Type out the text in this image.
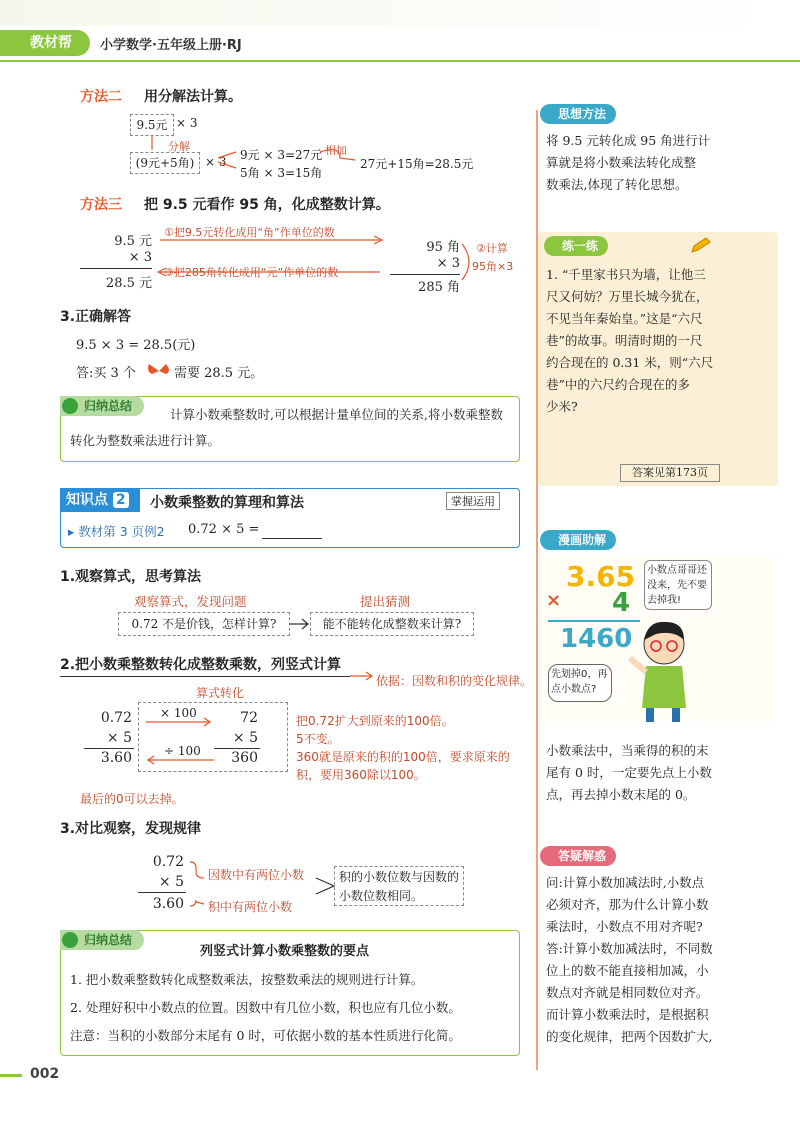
教材帮	小学数学·五年级上册·RJ
方法二 用分解法计算。
9.5元 × 3
分解
(9元+5角) × 3 9元 × 3=27元
5角 × 3=15角
相加
27元+15角=28.5元
方法三 把 9.5 元看作 95 角，化成整数计算。
9.5 元
× 3
28.5 元
①把9.5元转化成用“角”作单位的数
③把285角转化成用“元”作单位的数
95 角
× 3
285 角
②计算
95角×3
3.正确解答
9.5 × 3 = 28.5(元)
答:买 3 个	需要 28.5 元。
归纳总结
计算小数乘整数时,可以根据计量单位间的关系,将小数乘整数转化为整数乘法进行计算。
知识点 2	小数乘整数的算理和算法	掌握运用
▸ 教材第 3 页例2 0.72 × 5 =
1.观察算式，思考算法
观察算式，发现问题	提出猜测
0.72 不是价钱，怎样计算?	能不能转化成整数来计算?
2.把小数乘整数转化成整数乘数，列竖式计算
依据：因数和积的变化规律。
算式转化
0.72
× 5
3.60
× 100
÷ 100
72
× 5
360
把0.72扩大到原来的100倍。
5不变。
360就是原来的积的100倍，要求原来的积，要用360除以100。
最后的0可以去掉。
3.对比观察，发现规律
0.72
× 5
3.60
因数中有两位小数
积中有两位小数
积的小数位数与因数的小数位数相同。
归纳总结
列竖式计算小数乘整数的要点
1. 把小数乘整数转化成整数乘法，按整数乘法的规则进行计算。
2. 处理好积中小数点的位置。因数中有几位小数，积也应有几位小数。
注意：当积的小数部分末尾有 0 时，可依据小数的基本性质进行化简。
002
思想方法
将 9.5 元转化成 95 角进行计
算就是将小数乘法转化成整
数乘法,体现了转化思想。
练一练
1. “千里家书只为墙，让他三
尺又何妨？万里长城今犹在，
不见当年秦始皇。”这是“六尺
巷”的故事。明清时期的一尺
约合现在的 0.31 米，则“六尺
巷”中的六尺约合现在的多
少米?
答案见第173页
漫画助解
3.65
× 4
1460
小数点哥哥还没来，先不要去掉我!
先划掉0，再点小数点?
小数乘法中，当乘得的积的末
尾有 0 时，一定要先点上小数
点，再去掉小数末尾的 0。
答疑解惑
问:计算小数加减法时,小数点
必须对齐，那为什么计算小数
乘法时，小数点不用对齐呢?
答:计算小数加减法时，不同数
位上的数不能直接相加减，小
数点对齐就是相同数位对齐。
而计算小数乘法时，是根据积
的变化规律，把两个因数扩大,
